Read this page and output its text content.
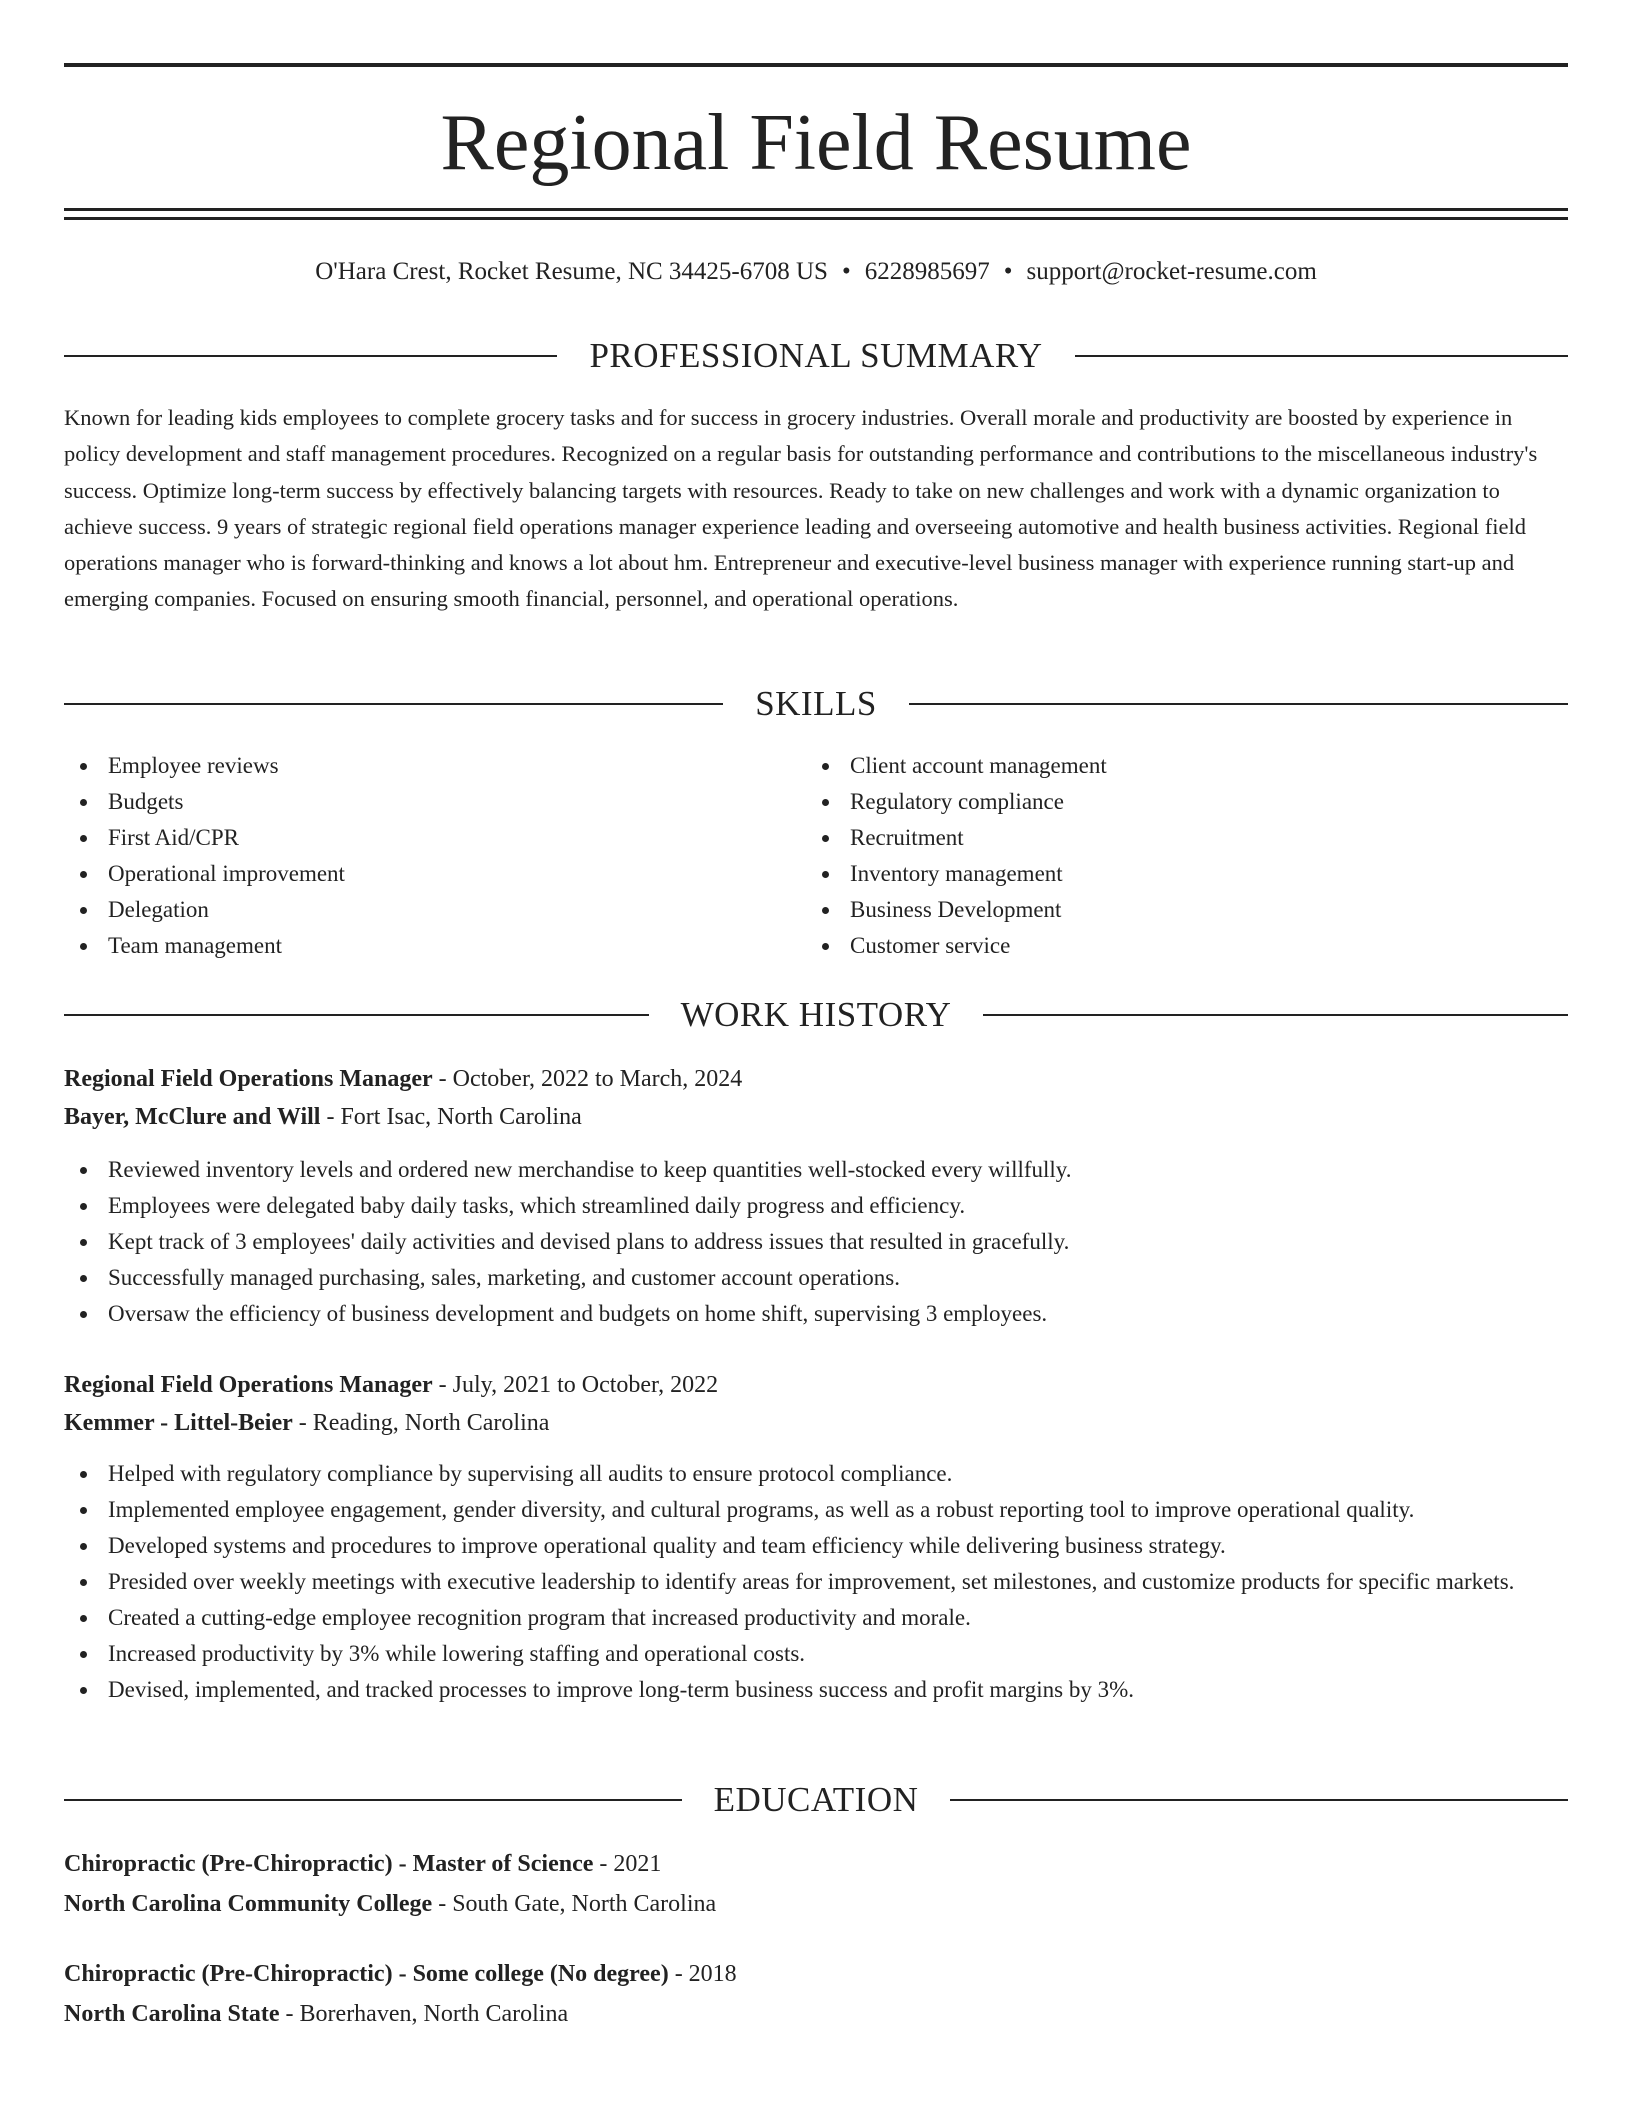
Regional Field Resume
O'Hara Crest, Rocket Resume, NC 34425-6708 US • 6228985697 • support@rocket-resume.com
PROFESSIONAL SUMMARY

Known for leading kids employees to complete grocery tasks and for success in grocery industries. Overall morale and productivity are boosted by experience in policy development and staff management procedures. Recognized on a regular basis for outstanding performance and contributions to the miscellaneous industry's success. Optimize long-term success by effectively balancing targets with resources. Ready to take on new challenges and work with a dynamic organization to achieve success. 9 years of strategic regional field operations manager experience leading and overseeing automotive and health business activities. Regional field operations manager who is forward-thinking and knows a lot about hm. Entrepreneur and executive-level business manager with experience running start-up and emerging companies. Focused on ensuring smooth financial, personnel, and operational operations.

SKILLS
Employee reviews
Budgets
First Aid/CPR
Operational improvement
Delegation
Team management
Client account management
Regulatory compliance
Recruitment
Inventory management
Business Development
Customer service
WORK HISTORY
Regional Field Operations Manager - October, 2022 to March, 2024
Bayer, McClure and Will - Fort Isac, North Carolina
Reviewed inventory levels and ordered new merchandise to keep quantities well-stocked every willfully.
Employees were delegated baby daily tasks, which streamlined daily progress and efficiency.
Kept track of 3 employees' daily activities and devised plans to address issues that resulted in gracefully.
Successfully managed purchasing, sales, marketing, and customer account operations.
Oversaw the efficiency of business development and budgets on home shift, supervising 3 employees.
Regional Field Operations Manager - July, 2021 to October, 2022
Kemmer - Littel-Beier - Reading, North Carolina
Helped with regulatory compliance by supervising all audits to ensure protocol compliance.
Implemented employee engagement, gender diversity, and cultural programs, as well as a robust reporting tool to improve operational quality.
Developed systems and procedures to improve operational quality and team efficiency while delivering business strategy.
Presided over weekly meetings with executive leadership to identify areas for improvement, set milestones, and customize products for specific markets.
Created a cutting-edge employee recognition program that increased productivity and morale.
Increased productivity by 3% while lowering staffing and operational costs.
Devised, implemented, and tracked processes to improve long-term business success and profit margins by 3%.
EDUCATION
Chiropractic (Pre-Chiropractic) - Master of Science - 2021
North Carolina Community College - South Gate, North Carolina
Chiropractic (Pre-Chiropractic) - Some college (No degree) - 2018
North Carolina State - Borerhaven, North Carolina
